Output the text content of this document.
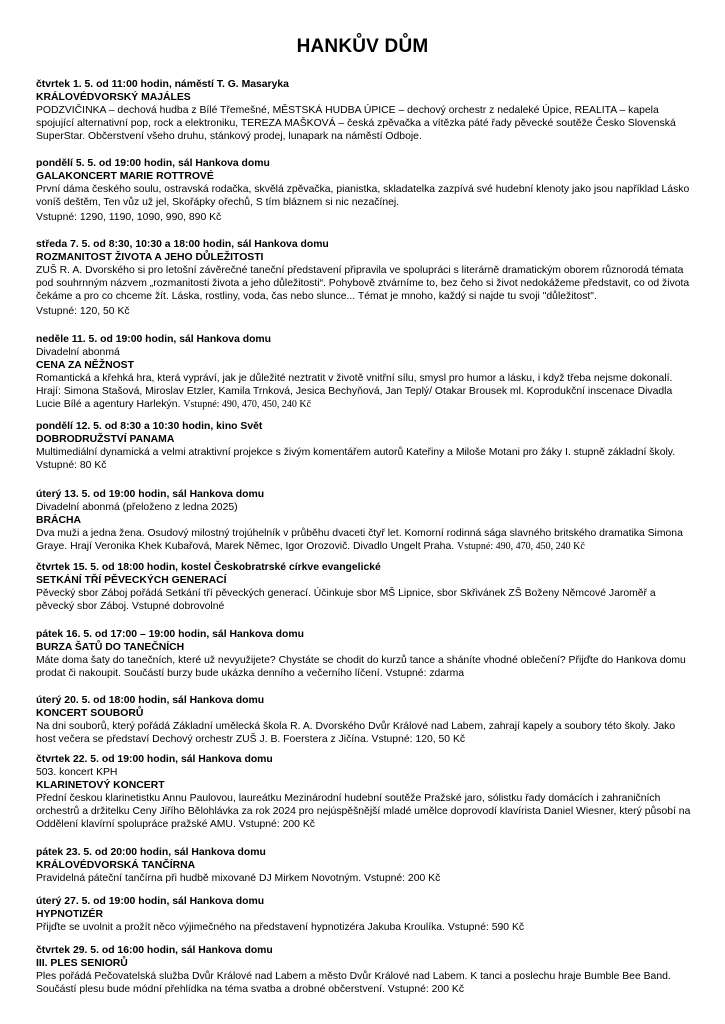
HANKŮV DŮM
čtvrtek 1. 5. od 11:00 hodin, náměstí T. G. Masaryka
KRÁLOVÉDVORSKÝ MAJÁLES

PODZVIČINKA – dechová hudba z Bílé Třemešné, MĚSTSKÁ HUDBA ÚPICE – dechový orchestr z nedaleké Úpice, REALITA – kapela spojující alternativní pop, rock a elektroniku, TEREZA MAŠKOVÁ – česká zpěvačka a vítězka páté řady pěvecké soutěže Česko Slovenská SuperStar. Občerstvení všeho druhu, stánkový prodej, lunapark na náměstí Odboje.

pondělí 5. 5. od 19:00 hodin, sál Hankova domu
GALAKONCERT MARIE ROTTROVÉ

První dáma českého soulu, ostravská rodačka, skvělá zpěvačka, pianistka, skladatelka zazpívá své hudební klenoty jako jsou například Lásko voníš deštěm, Ten vůz už jel, Skořápky ořechů, S tím bláznem si nic nezačínej.

Vstupné: 1290, 1190, 1090, 990, 890 Kč
středa 7. 5. od 8:30, 10:30 a 18:00 hodin, sál Hankova domu
ROZMANITOST ŽIVOTA A JEHO DŮLEŽITOSTI

ZUŠ R. A. Dvorského si pro letošní závěrečné taneční představení připravila ve spolupráci s literárně dramatickým oborem různorodá témata pod souhrnným názvem „rozmanitosti života a jeho důležitosti“. Pohybově ztvárníme to, bez čeho si život nedokážeme představit, co od života čekáme a pro co chceme žít. Láska, rostliny, voda, čas nebo slunce... Témat je mnoho, každý si najde tu svoji "důležitost".

Vstupné: 120, 50 Kč
neděle 11. 5. od 19:00 hodin, sál Hankova domu
Divadelní abonmá
CENA ZA NĚŽNOST

Romantická a křehká hra, která vypráví, jak je důležité neztratit v životě vnitřní sílu, smysl pro humor a lásku, i když třeba nejsme dokonalí. Hrají: Simona Stašová, Miroslav Etzler, Kamila Trnková, Jesica Bechyňová, Jan Teplý/ Otakar Brousek ml. Koprodukční inscenace Divadla Lucie Bílé a agentury Harlekýn. Vstupné: 490, 470, 450, 240 Kč

pondělí 12. 5. od 8:30 a 10:30 hodin, kino Svět
DOBRODRUŽSTVÍ PANAMA

Multimediální dynamická a velmi atraktivní projekce s živým komentářem autorů Kateřiny a Miloše Motani pro žáky I. stupně základní školy. Vstupné: 80 Kč

úterý 13. 5. od 19:00 hodin, sál Hankova domu
Divadelní abonmá (přeloženo z ledna 2025)
BRÁCHA

Dva muži a jedna žena. Osudový milostný trojúhelník v průběhu dvaceti čtyř let. Komorní rodinná sága slavného britského dramatika Simona Graye. Hrají Veronika Khek Kubařová, Marek Němec, Igor Orozovič. Divadlo Ungelt Praha. Vstupné: 490, 470, 450, 240 Kč

čtvrtek 15. 5. od 18:00 hodin, kostel Českobratrské církve evangelické
SETKÁNÍ TŘÍ PĚVECKÝCH GENERACÍ

Pěvecký sbor Záboj pořádá Setkání tří pěveckých generací. Účinkuje sbor MŠ Lipnice, sbor Skřivánek ZŠ Boženy Němcové Jaroměř a pěvecký sbor Záboj. Vstupné dobrovolné

pátek 16. 5. od 17:00 – 19:00 hodin, sál Hankova domu
BURZA ŠATŮ DO TANEČNÍCH

Máte doma šaty do tanečních, které už nevyužijete? Chystáte se chodit do kurzů tance a sháníte vhodné oblečení? Přijďte do Hankova domu prodat či nakoupit. Součástí burzy bude ukázka denního a večerního líčení. Vstupné: zdarma

úterý 20. 5. od 18:00 hodin, sál Hankova domu
KONCERT SOUBORŮ

Na dni souborů, který pořádá Základní umělecká škola R. A. Dvorského Dvůr Králové nad Labem, zahrají kapely a soubory této školy. Jako host večera se představí Dechový orchestr ZUŠ J. B. Foerstera z Jičína. Vstupné: 120, 50 Kč

čtvrtek 22. 5. od 19:00 hodin, sál Hankova domu
503. koncert KPH
KLARINETOVÝ KONCERT

Přední českou klarinetistku Annu Paulovou, laureátku Mezinárodní hudební soutěže Pražské jaro, sólistku řady domácích i zahraničních orchestrů a držitelku Ceny Jiřího Bělohlávka za rok 2024 pro nejúspěšnější mladé umělce doprovodí klavírista Daniel Wiesner, který působí na Oddělení klavírní spolupráce pražské AMU. Vstupné: 200 Kč

pátek 23. 5. od 20:00 hodin, sál Hankova domu
KRÁLOVÉDVORSKÁ TANČÍRNA

Pravidelná páteční tančírna při hudbě mixované DJ Mirkem Novotným. Vstupné: 200 Kč

úterý 27. 5. od 19:00 hodin, sál Hankova domu
HYPNOTIZÉR

Přijďte se uvolnit a prožít něco výjimečného na představení hypnotizéra Jakuba Kroulíka. Vstupné: 590 Kč

čtvrtek 29. 5. od 16:00 hodin, sál Hankova domu
III. PLES SENIORŮ

Ples pořádá Pečovatelská služba Dvůr Králové nad Labem a město Dvůr Králové nad Labem. K tanci a poslechu hraje Bumble Bee Band. Součástí plesu bude módní přehlídka na téma svatba a drobné občerstvení. Vstupné: 200 Kč
